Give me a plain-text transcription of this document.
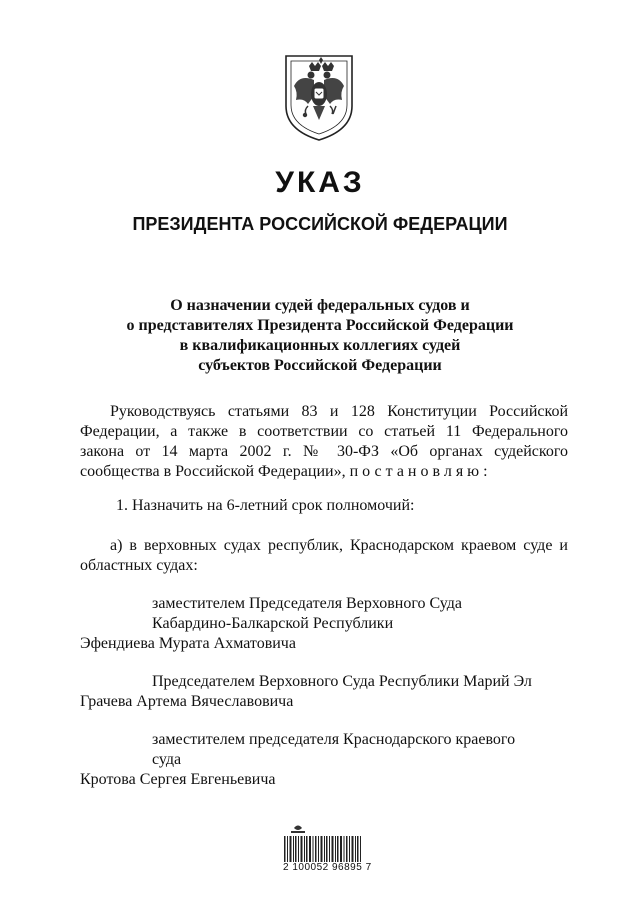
УКАЗ
ПРЕЗИДЕНТА РОССИЙСКОЙ ФЕДЕРАЦИИ
О назначении судей федеральных судов и
о представителях Президента Российской Федерации
в квалификационных коллегиях судей
субъектов Российской Федерации
Руководствуясь статьями 83 и 128 Конституции Российской
Федерации, а также в соответствии со статьей 11 Федерального
закона от 14 марта 2002 г. № 30-ФЗ «Об органах судейского
сообщества в Российской Федерации», постановляю:
1. Назначить на 6-летний срок полномочий:
а) в верховных судах республик, Краснодарском краевом суде и
областных судах:
заместителем Председателя Верховного Суда
Кабардино-Балкарской Республики
Эфендиева Мурата Ахматовича
Председателем Верховного Суда Республики Марий Эл
Грачева Артема Вячеславовича
заместителем председателя Краснодарского краевого
суда
Кротова Сергея Евгеньевича
2 100052 96895 7
